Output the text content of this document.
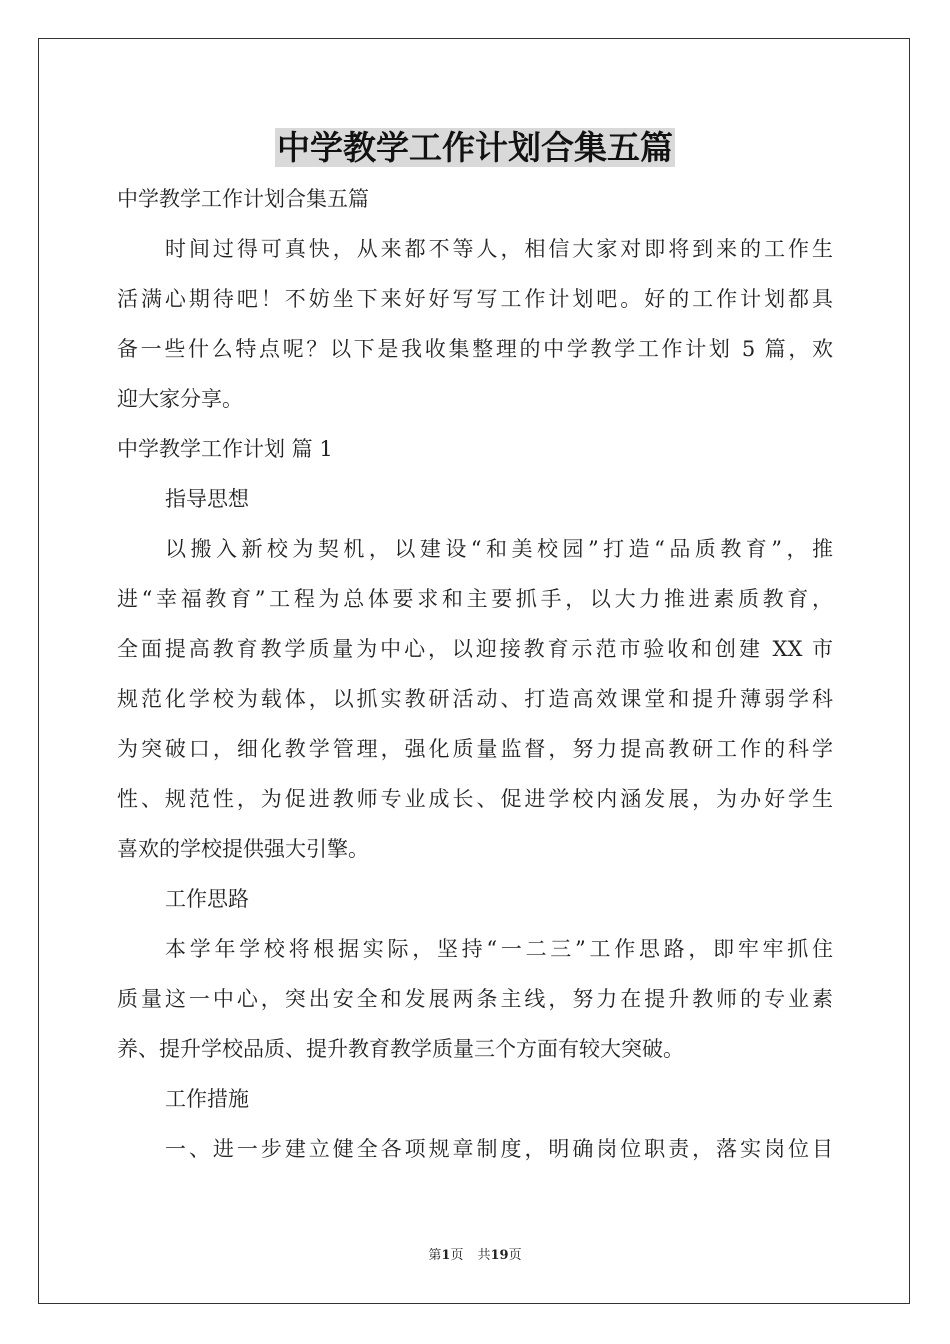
中学教学工作计划合集五篇
中学教学工作计划合集五篇
时间过得可真快，从来都不等人，相信大家对即将到来的工作生
活满心期待吧！不妨坐下来好好写写工作计划吧。好的工作计划都具
备一些什么特点呢？以下是我收集整理的中学教学工作计划 5 篇，欢
迎大家分享。
中学教学工作计划 篇 1
指导思想
以搬入新校为契机，以建设“和美校园”打造“品质教育”，推
进“幸福教育”工程为总体要求和主要抓手，以大力推进素质教育，
全面提高教育教学质量为中心，以迎接教育示范市验收和创建 XX 市
规范化学校为载体，以抓实教研活动、打造高效课堂和提升薄弱学科
为突破口，细化教学管理，强化质量监督，努力提高教研工作的科学
性、规范性，为促进教师专业成长、促进学校内涵发展，为办好学生
喜欢的学校提供强大引擎。
工作思路
本学年学校将根据实际，坚持“一二三”工作思路，即牢牢抓住
质量这一中心，突出安全和发展两条主线，努力在提升教师的专业素
养、提升学校品质、提升教育教学质量三个方面有较大突破。
工作措施
一、进一步建立健全各项规章制度，明确岗位职责，落实岗位目
第1页 共19页
